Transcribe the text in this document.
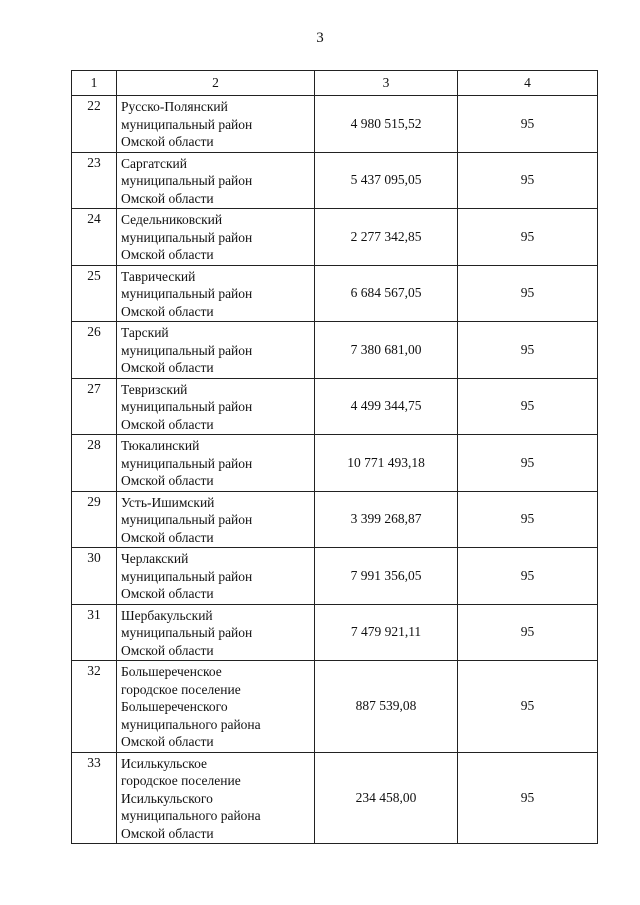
3
1	2	3	4
22	Русско-Полянский
муниципальный район
Омской области	4 980 515,52	95
23	Саргатский
муниципальный район
Омской области	5 437 095,05	95
24	Седельниковский
муниципальный район
Омской области	2 277 342,85	95
25	Таврический
муниципальный район
Омской области	6 684 567,05	95
26	Тарский
муниципальный район
Омской области	7 380 681,00	95
27	Тевризский
муниципальный район
Омской области	4 499 344,75	95
28	Тюкалинский
муниципальный район
Омской области	10 771 493,18	95
29	Усть-Ишимский
муниципальный район
Омской области	3 399 268,87	95
30	Черлакский
муниципальный район
Омской области	7 991 356,05	95
31	Шербакульский
муниципальный район
Омской области	7 479 921,11	95
32	Большереченское
городское поселение
Большереченского
муниципального района
Омской области	887 539,08	95
33	Исилькульское
городское поселение
Исилькульского
муниципального района
Омской области	234 458,00	95
